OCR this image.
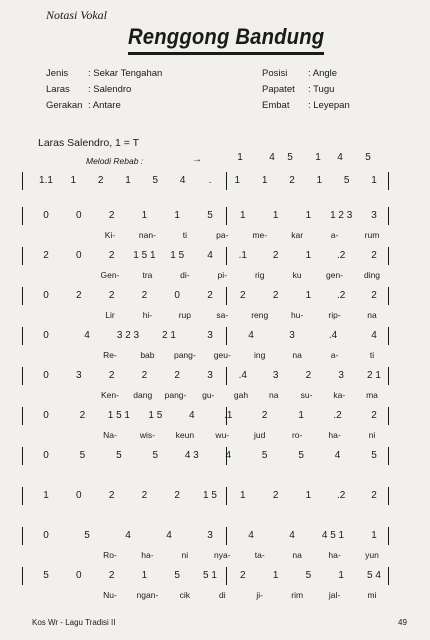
Notasi Vokal
Renggong Bandung
Jenis : Sekar Tengahan
Laras : Salendro
Gerakan : Antare
Posisi : Angle
Papatet : Tugu
Embat : Leyepan
Laras Salendro, 1 = T
Melodi Rebab :	→	1	4 5 1 4 5
1.1 1 2 1 5 4 . 1 1 2 1 5 1
0	0	2	1	1	5	1	1	1 1 2 3 3
Ki-	nan-	ti	pa-	me-	kar	a-	rum
2	0	2 1 5 1 1 5 4	.1	2	1	.2	2
Gen-	tra	di-	pi-	rig	ku	gen- ding
0	2	2	2	0	2	2	2	1	.2	2
Lir	hi-	rup	sa-	reng	hu-	rip-	na
0	4	3 2 3 2 1	3	4	3	.4	4
Re-	bab pang- geu-	ing	na	a-	ti
0	3	2	2	2	3	.4	3	2	3 2 1
Ken- dang pang- gu- gah na	su- ka- ma
0	2 1 5 1 1 5	4	.1	2	1	.2	2
Na-	wis- keun	wu-	jud	ro-	ha-	ni
0	5	5	5	4 3	4	5	5	4	5
1	0	2	2	2 1 5 1	2	1	.2	2
0	5	4	4	3	4	4	4 5 1	1
Ro-	ha-	ni	nya-	ta-	na	ha-	yun
5	0	2	1	5 5 1 2	1	5	1 5 4
Nu- ngan-	cik	di	ji-	rim	jal-	mi
Kos Wr - Lagu Tradisi II	49
